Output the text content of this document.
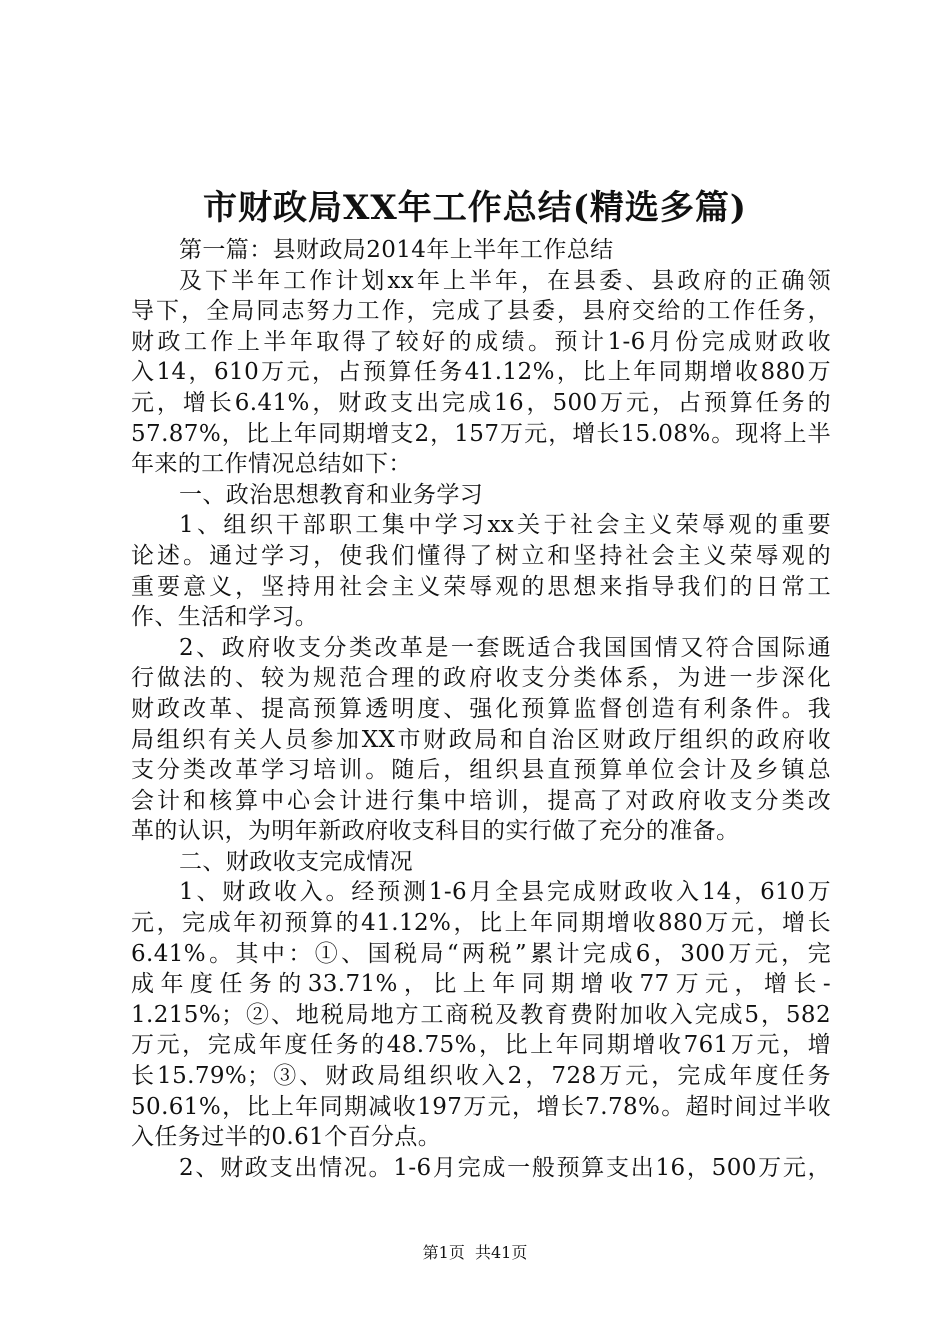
市财政局XX年工作总结(精选多篇)
第一篇：县财政局2014年上半年工作总结
及下半年工作计划xx年上半年，在县委、县政府的正确领
导下，全局同志努力工作，完成了县委，县府交给的工作任务，
财政工作上半年取得了较好的成绩。预计1-6月份完成财政收
入14，610万元，占预算任务41.12%，比上年同期增收880万
元，增长6.41%，财政支出完成16，500万元，占预算任务的
57.87%，比上年同期增支2，157万元，增长15.08%。现将上半
年来的工作情况总结如下：
一、政治思想教育和业务学习
1、组织干部职工集中学习xx关于社会主义荣辱观的重要
论述。通过学习，使我们懂得了树立和坚持社会主义荣辱观的
重要意义，坚持用社会主义荣辱观的思想来指导我们的日常工
作、生活和学习。
2、政府收支分类改革是一套既适合我国国情又符合国际通
行做法的、较为规范合理的政府收支分类体系，为进一步深化
财政改革、提高预算透明度、强化预算监督创造有利条件。我
局组织有关人员参加XX市财政局和自治区财政厅组织的政府收
支分类改革学习培训。随后，组织县直预算单位会计及乡镇总
会计和核算中心会计进行集中培训，提高了对政府收支分类改
革的认识，为明年新政府收支科目的实行做了充分的准备。
二、财政收支完成情况
1、财政收入。经预测1-6月全县完成财政收入14，610万
元，完成年初预算的41.12%，比上年同期增收880万元，增长
6.41%。其中：①、国税局“两税”累计完成6，300万元，完
成年度任务的33.71%，比上年同期增收77万元，增长-
1.215%；②、地税局地方工商税及教育费附加收入完成5，582
万元，完成年度任务的48.75%，比上年同期增收761万元，增
长15.79%；③、财政局组织收入2，728万元，完成年度任务
50.61%，比上年同期减收197万元，增长7.78%。超时间过半收
入任务过半的0.61个百分点。
2、财政支出情况。1-6月完成一般预算支出16，500万元，
第1页  共41页
